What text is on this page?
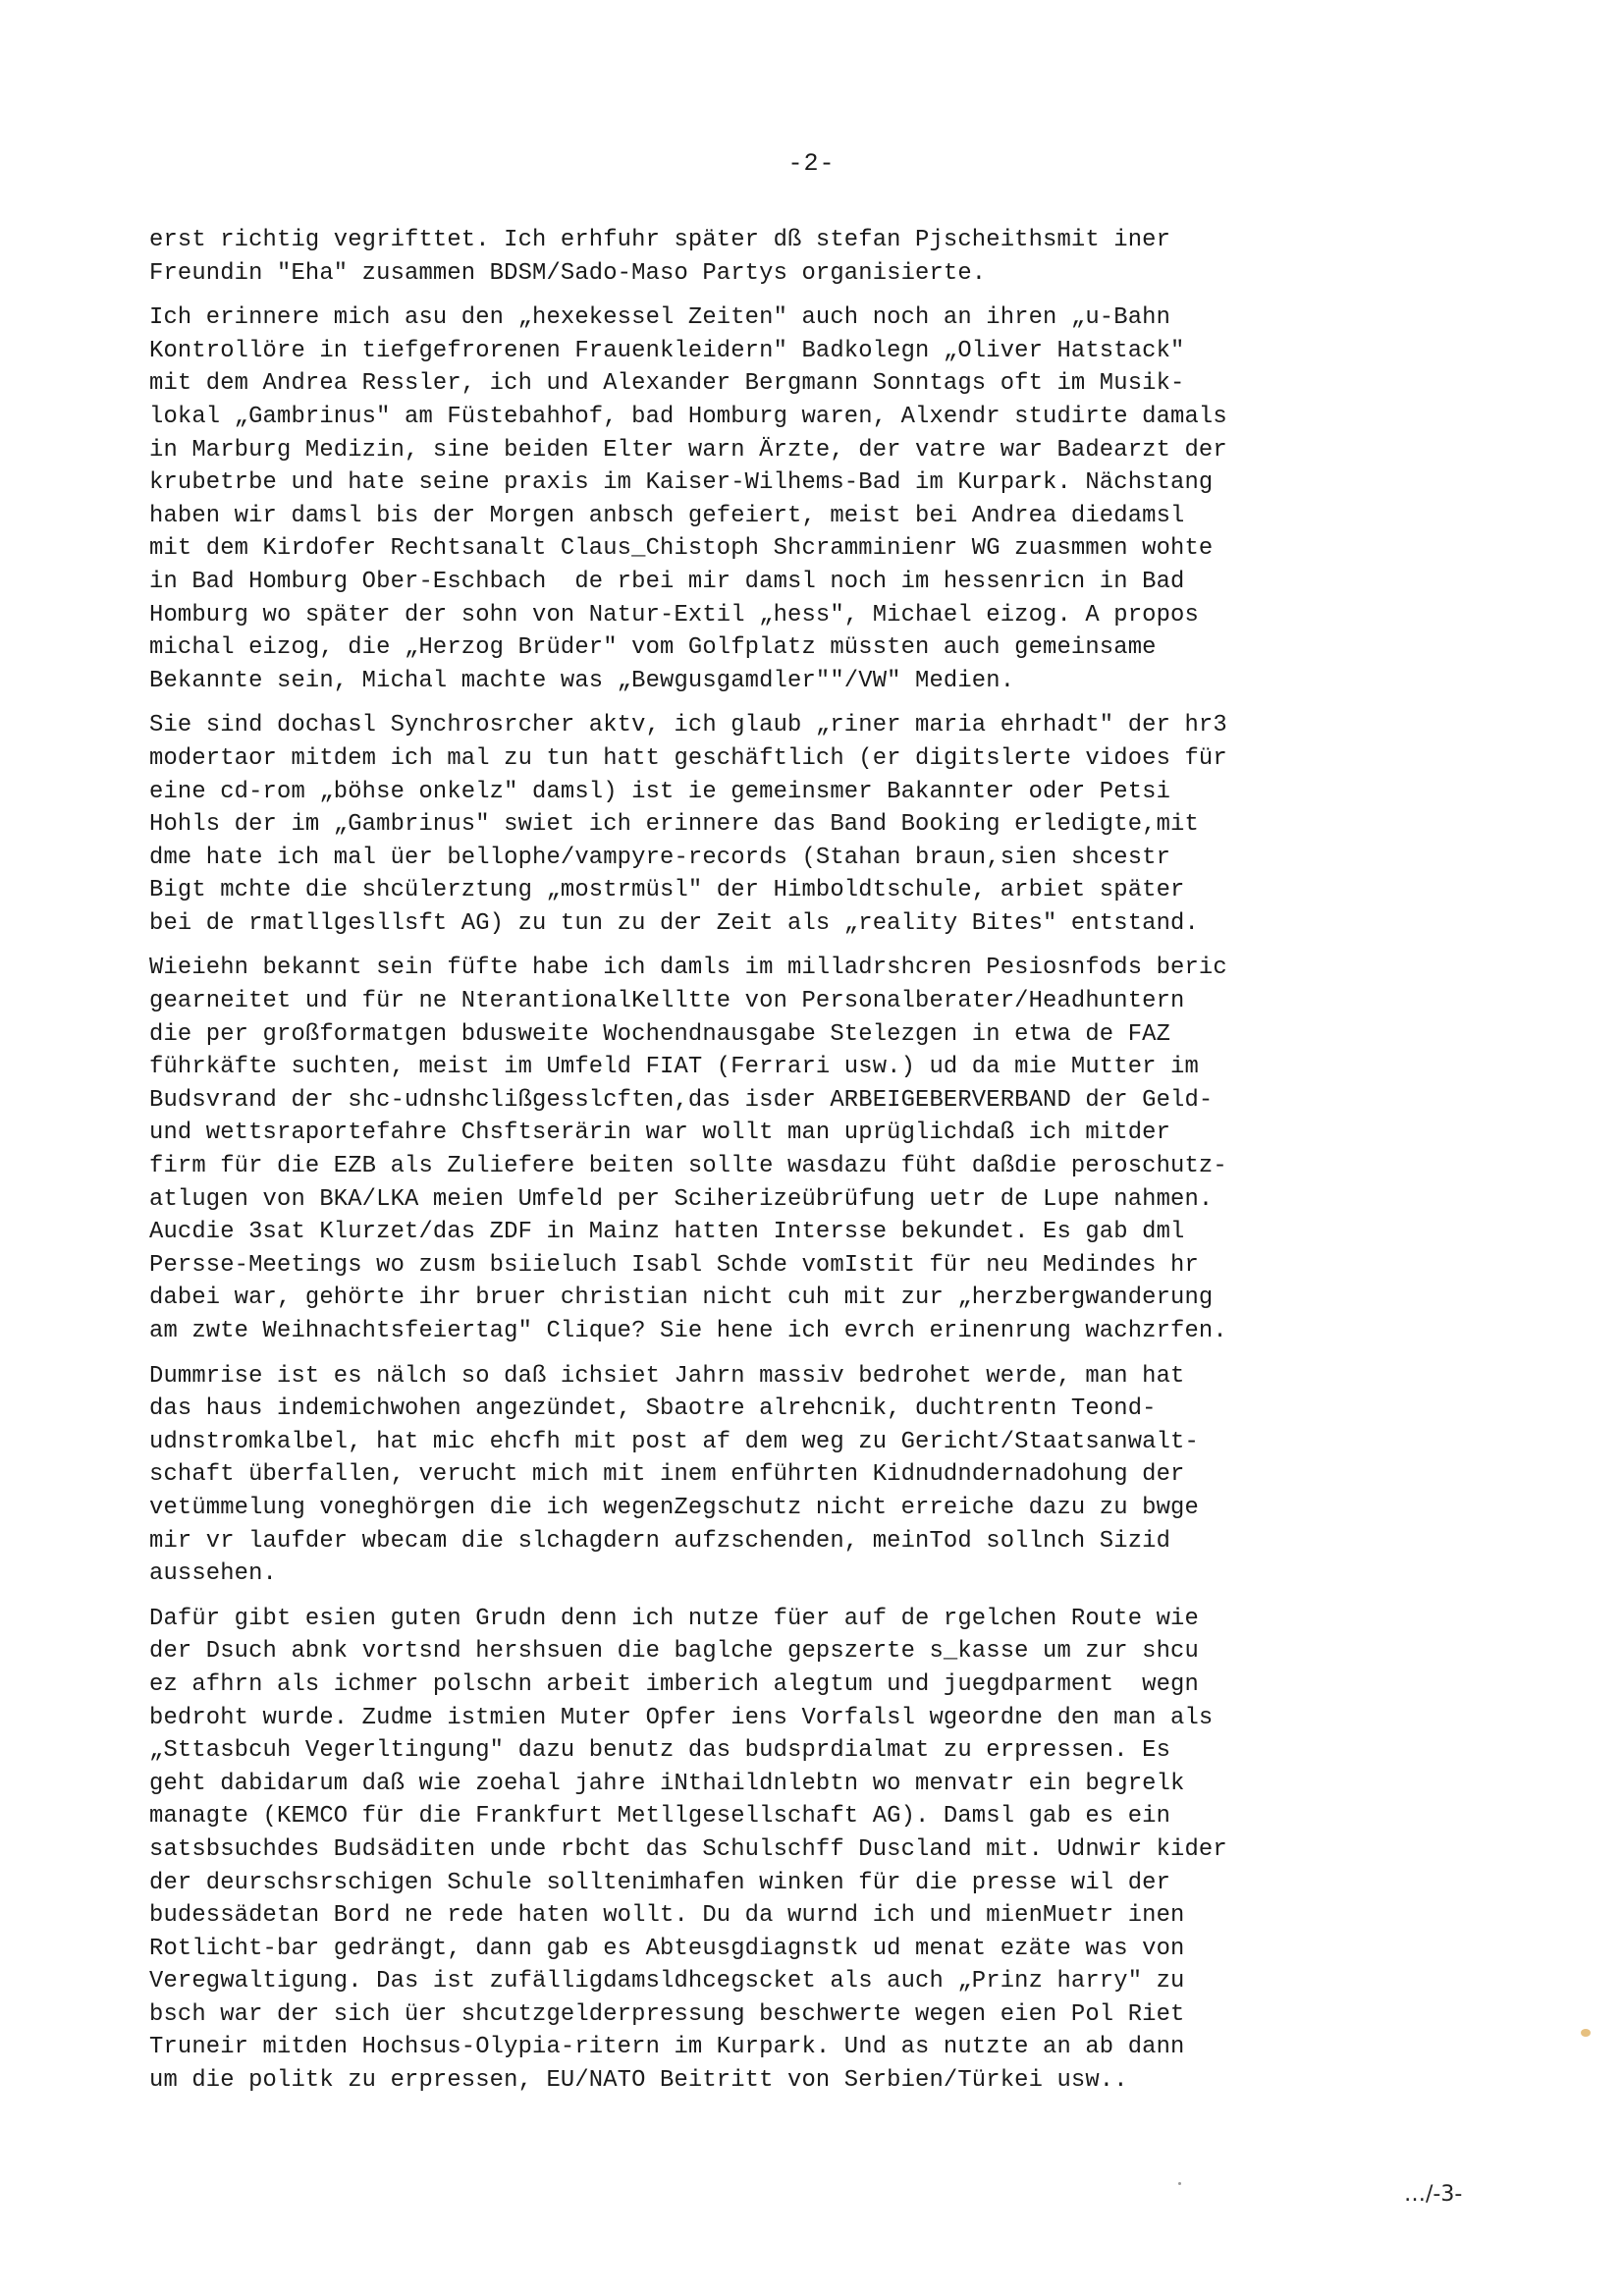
-2-
erst richtig vegrifttet. Ich erhfuhr später dß stefan Pjscheithsmit iner
Freundin "Eha" zusammen BDSM/Sado-Maso Partys organisierte.
Ich erinnere mich asu den „hexekessel Zeiten" auch noch an ihren „u-Bahn
Kontrollöre in tiefgefrorenen Frauenkleidern" Badkolegn „Oliver Hatstack"
mit dem Andrea Ressler, ich und Alexander Bergmann Sonntags oft im Musik-
lokal „Gambrinus" am Füstebahhof, bad Homburg waren, Alxendr studirte damals
in Marburg Medizin, sine beiden Elter warn Ärzte, der vatre war Badearzt der
krubetrbe und hate seine praxis im Kaiser-Wilhems-Bad im Kurpark. Nächstang
haben wir damsl bis der Morgen anbsch gefeiert, meist bei Andrea diedamsl
mit dem Kirdofer Rechtsanalt Claus_Chistoph Shcramminienr WG zuasmmen wohte
in Bad Homburg Ober-Eschbach  de rbei mir damsl noch im hessenricn in Bad
Homburg wo später der sohn von Natur-Extil „hess", Michael eizog. A propos
michal eizog, die „Herzog Brüder" vom Golfplatz müssten auch gemeinsame
Bekannte sein, Michal machte was „Bewgusgamdler""/VW" Medien.
Sie sind dochasl Synchrosrcher aktv, ich glaub „riner maria ehrhadt" der hr3
modertaor mitdem ich mal zu tun hatt geschäftlich (er digitslerte vidoes für
eine cd-rom „böhse onkelz" damsl) ist ie gemeinsmer Bakannter oder Petsi
Hohls der im „Gambrinus" swiet ich erinnere das Band Booking erledigte,mit
dme hate ich mal üer bellophe/vampyre-records (Stahan braun,sien shcestr
Bigt mchte die shcülerztung „mostrmüsl" der Himboldtschule, arbiet später
bei de rmatllgesllsft AG) zu tun zu der Zeit als „reality Bites" entstand.
Wieiehn bekannt sein füfte habe ich damls im milladrshcren Pesiosnfods beric
gearneitet und für ne NterantionalKelltte von Personalberater/Headhuntern
die per großformatgen bdusweite Wochendnausgabe Stelezgen in etwa de FAZ
führkäfte suchten, meist im Umfeld FIAT (Ferrari usw.) ud da mie Mutter im
Budsvrand der shc-udnshclißgesslcften,das isder ARBEIGEBERVERBAND der Geld-
und wettsraportefahre Chsftserärin war wollt man uprüglichdaß ich mitder
firm für die EZB als Zuliefere beiten sollte wasdazu füht daßdie peroschutz-
atlugen von BKA/LKA meien Umfeld per Sciherizeübrüfung uetr de Lupe nahmen.
Aucdie 3sat Klurzet/das ZDF in Mainz hatten Intersse bekundet. Es gab dml
Persse-Meetings wo zusm bsiieluch Isabl Schde vomIstit für neu Medindes hr
dabei war, gehörte ihr bruer christian nicht cuh mit zur „herzbergwanderung
am zwte Weihnachtsfeiertag" Clique? Sie hene ich evrch erinenrung wachzrfen.
Dummrise ist es nälch so daß ichsiet Jahrn massiv bedrohet werde, man hat
das haus indemichwohen angezündet, Sbaotre alrehcnik, duchtrentn Teond-
udnstromkalbel, hat mic ehcfh mit post af dem weg zu Gericht/Staatsanwalt-
schaft überfallen, verucht mich mit inem enführten Kidnudndernadohung der
vetümmelung voneghörgen die ich wegenZegschutz nicht erreiche dazu zu bwge
mir vr laufder wbecam die slchagdern aufzschenden, meinTod sollnch Sizid
aussehen.
Dafür gibt esien guten Grudn denn ich nutze füer auf de rgelchen Route wie
der Dsuch abnk vortsnd hershsuen die baglche gepszerte s_kasse um zur shcu
ez afhrn als ichmer polschn arbeit imberich alegtum und juegdparment  wegn
bedroht wurde. Zudme istmien Muter Opfer iens Vorfalsl wgeordne den man als
„Sttasbcuh Vegerltingung" dazu benutz das budsprdialmat zu erpressen. Es
geht dabidarum daß wie zoehal jahre iNthaildnlebtn wo menvatr ein begrelk
managte (KEMCO für die Frankfurt Metllgesellschaft AG). Damsl gab es ein
satsbsuchdes Budsäditen unde rbcht das Schulschff Duscland mit. Udnwir kider
der deurschsrschigen Schule solltenimhafen winken für die presse wil der
budessädetan Bord ne rede haten wollt. Du da wurnd ich und mienMuetr inen
Rotlicht-bar gedrängt, dann gab es Abteusgdiagnstk ud menat ezäte was von
Veregwaltigung. Das ist zufälligdamsldhcegscket als auch „Prinz harry" zu
bsch war der sich üer shcutzgelderpressung beschwerte wegen eien Pol Riet
Truneir mitden Hochsus-Olypia-ritern im Kurpark. Und as nutzte an ab dann
um die politk zu erpressen, EU/NATO Beitritt von Serbien/Türkei usw..
…/-3-
